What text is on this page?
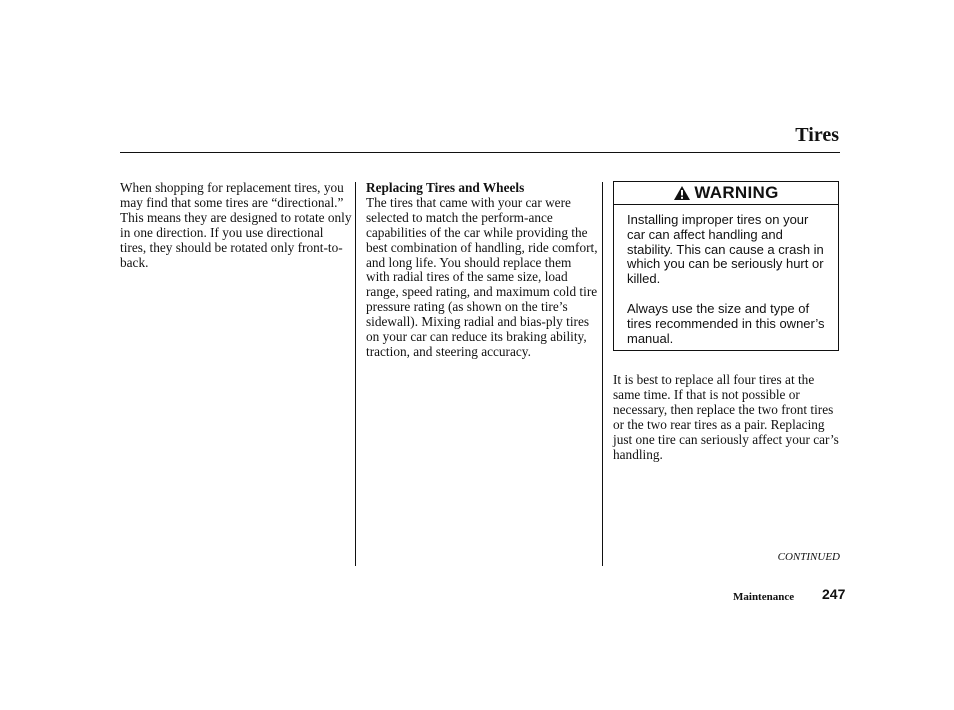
Tires

When shopping for replacement tires, you may find that some tires are “directional.” This means they are designed to rotate only in one direction. If you use directional tires, they should be rotated only front-to-back.

Replacing Tires and Wheels

The tires that came with your car were selected to match the perform-ance capabilities of the car while providing the best combination of handling, ride comfort, and long life. You should replace them with radial tires of the same size, load range, speed rating, and maximum cold tire pressure rating (as shown on the tire’s sidewall). Mixing radial and bias-ply tires on your car can reduce its braking ability, traction, and steering accuracy.

WARNING

Installing improper tires on your car can affect handling and stability. This can cause a crash in which you can be seriously hurt or killed.

Always use the size and type of tires recommended in this owner’s manual.

It is best to replace all four tires at the same time. If that is not possible or necessary, then replace the two front tires or the two rear tires as a pair. Replacing just one tire can seriously affect your car’s handling.

CONTINUED
Maintenance 247
